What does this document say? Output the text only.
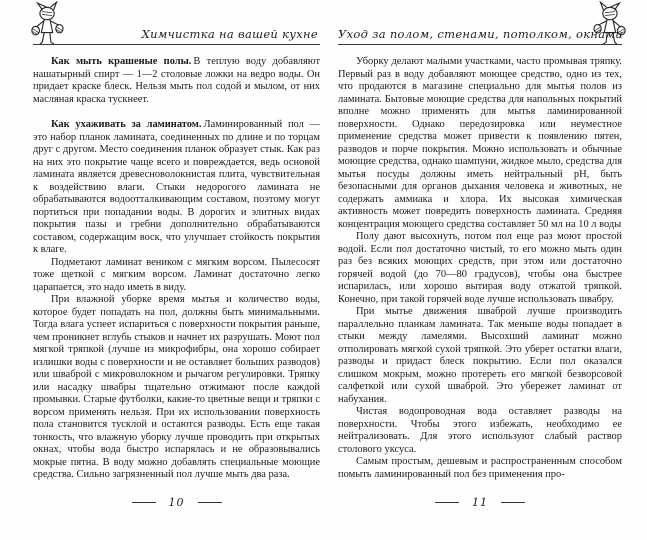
Химчистка на вашей кухне

Как мыть крашеные полы. В теплую воду добавляют нашатырный спирт — 1—2 столовые ложки на ведро воды. Он придает краске блеск. Нельзя мыть пол содой и мылом, от них масляная краска тускнеет.

Как ухаживать за ламинатом. Ламинированный пол — это набор планок ламината, соединенных по длине и по торцам друг с другом. Место соединения планок образует стык. Как раз на них это покрытие чаще всего и повреждается, ведь основой ламината является древесноволокнистая плита, чувствительная к воздействию влаги. Стыки недорогого ламината не обрабатываются водоотталкивающим составом, поэтому могут портиться при попадании воды. В дорогих и элитных видах покрытия пазы и гребни дополнительно обрабатываются составом, содержащим воск, что улучшает стойкость покрытия к влаге.

Подметают ламинат веником с мягким ворсом. Пылесосят тоже щеткой с мягким ворсом. Ламинат достаточно легко царапается, это надо иметь в виду.

При влажной уборке время мытья и количество воды, которое будет попадать на пол, должны быть минимальными. Тогда влага успеет испариться с поверхности покрытия раньше, чем проникнет вглубь стыков и начнет их разрушать. Моют пол мягкой тряпкой (лучше из микрофибры, она хорошо собирает излишки воды с поверхности и не оставляет больших разводов) или шваброй с микроволокном и рычагом регулировки. Тряпку или насадку швабры тщательно отжимают после каждой промывки. Старые футболки, какие-то цветные вещи и тряпки с ворсом применять нельзя. При их использовании поверхность пола становится тусклой и остаются разводы. Есть еще такая тонкость, что влажную уборку лучше проводить при открытых окнах, чтобы вода быстро испарялась и не образовывались мокрые пятна. В воду можно добавлять специальные моющие средства. Сильно загрязненный пол лучше мыть два раза.

10
Уход за полом, стенами, потолком, окнами

Уборку делают малыми участками, часто промывая тряпку. Первый раз в воду добавляют моющее средство, одно из тех, что продаются в магазине специально для мытья полов из ламината. Бытовые моющие средства для напольных покрытий вполне можно применять для мытья ламинированной поверхности. Однако передозировка или неуместное применение средства может привести к появлению пятен, разводов и порче покрытия. Можно использовать и обычные моющие средства, однако шампуни, жидкое мыло, средства для мытья посуды должны иметь нейтральный pH, быть безопасными для органов дыхания человека и животных, не содержать аммиака и хлора. Их высокая химическая активность может повредить поверхность ламината. Средняя концентрация моющего средства составляет 50 мл на 10 л воды

Полу дают высохнуть, потом пол еще раз моют простой водой. Если пол достаточно чистый, то его можно мыть один раз без всяких моющих средств, при этом или достаточно горячей водой (до 70—80 градусов), чтобы она быстрее испарилась, или хорошо вытирая воду отжатой тряпкой. Конечно, при такой горячей воде лучше использовать швабру.

При мытье движения шваброй лучше производить параллельно планкам ламината. Так меньше воды попадает в стыки между ламелями. Высохший ламинат можно отполировать мягкой сухой тряпкой. Это уберет остатки влаги, разводы и придаст блеск покрытию. Если пол оказался слишком мокрым, можно протереть его мягкой безворсовой салфеткой или сухой шваброй. Это убережет ламинат от набухания.

Чистая водопроводная вода оставляет разводы на поверхности. Чтобы этого избежать, необходимо ее нейтрализовать. Для этого используют слабый раствор столового уксуса.

Самым простым, дешевым и распространенным способом помыть ламинированный пол без применения про-

11
